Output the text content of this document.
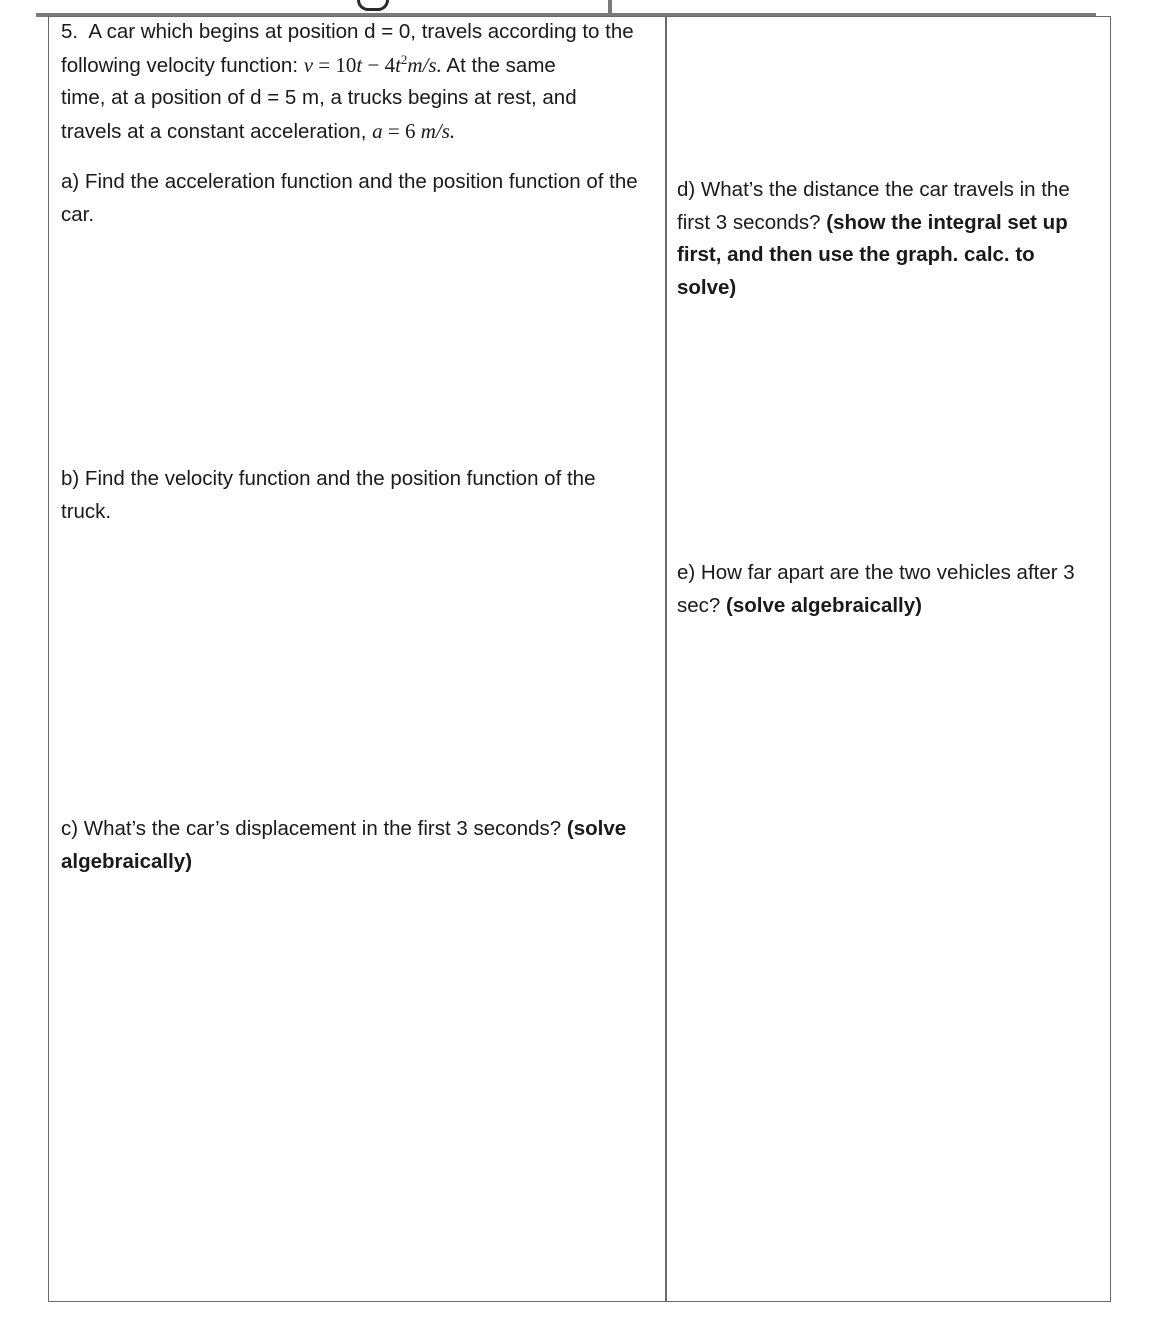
5. A car which begins at position d = 0, travels according to the
following velocity function: $v = 10t - 4t^2m/s$. At the same
time, at a position of d = 5 m, a trucks begins at rest, and
travels at a constant acceleration, a = 6 m/s.

a) Find the acceleration function and the position function of the car.

b) Find the velocity function and the position function of the truck.

c) What’s the car’s displacement in the first 3 seconds? (solve algebraically)

d) What’s the distance the car travels in the first 3 seconds? (show the integral set up first, and then use the graph. calc. to solve)

e) How far apart are the two vehicles after 3 sec? (solve algebraically)
